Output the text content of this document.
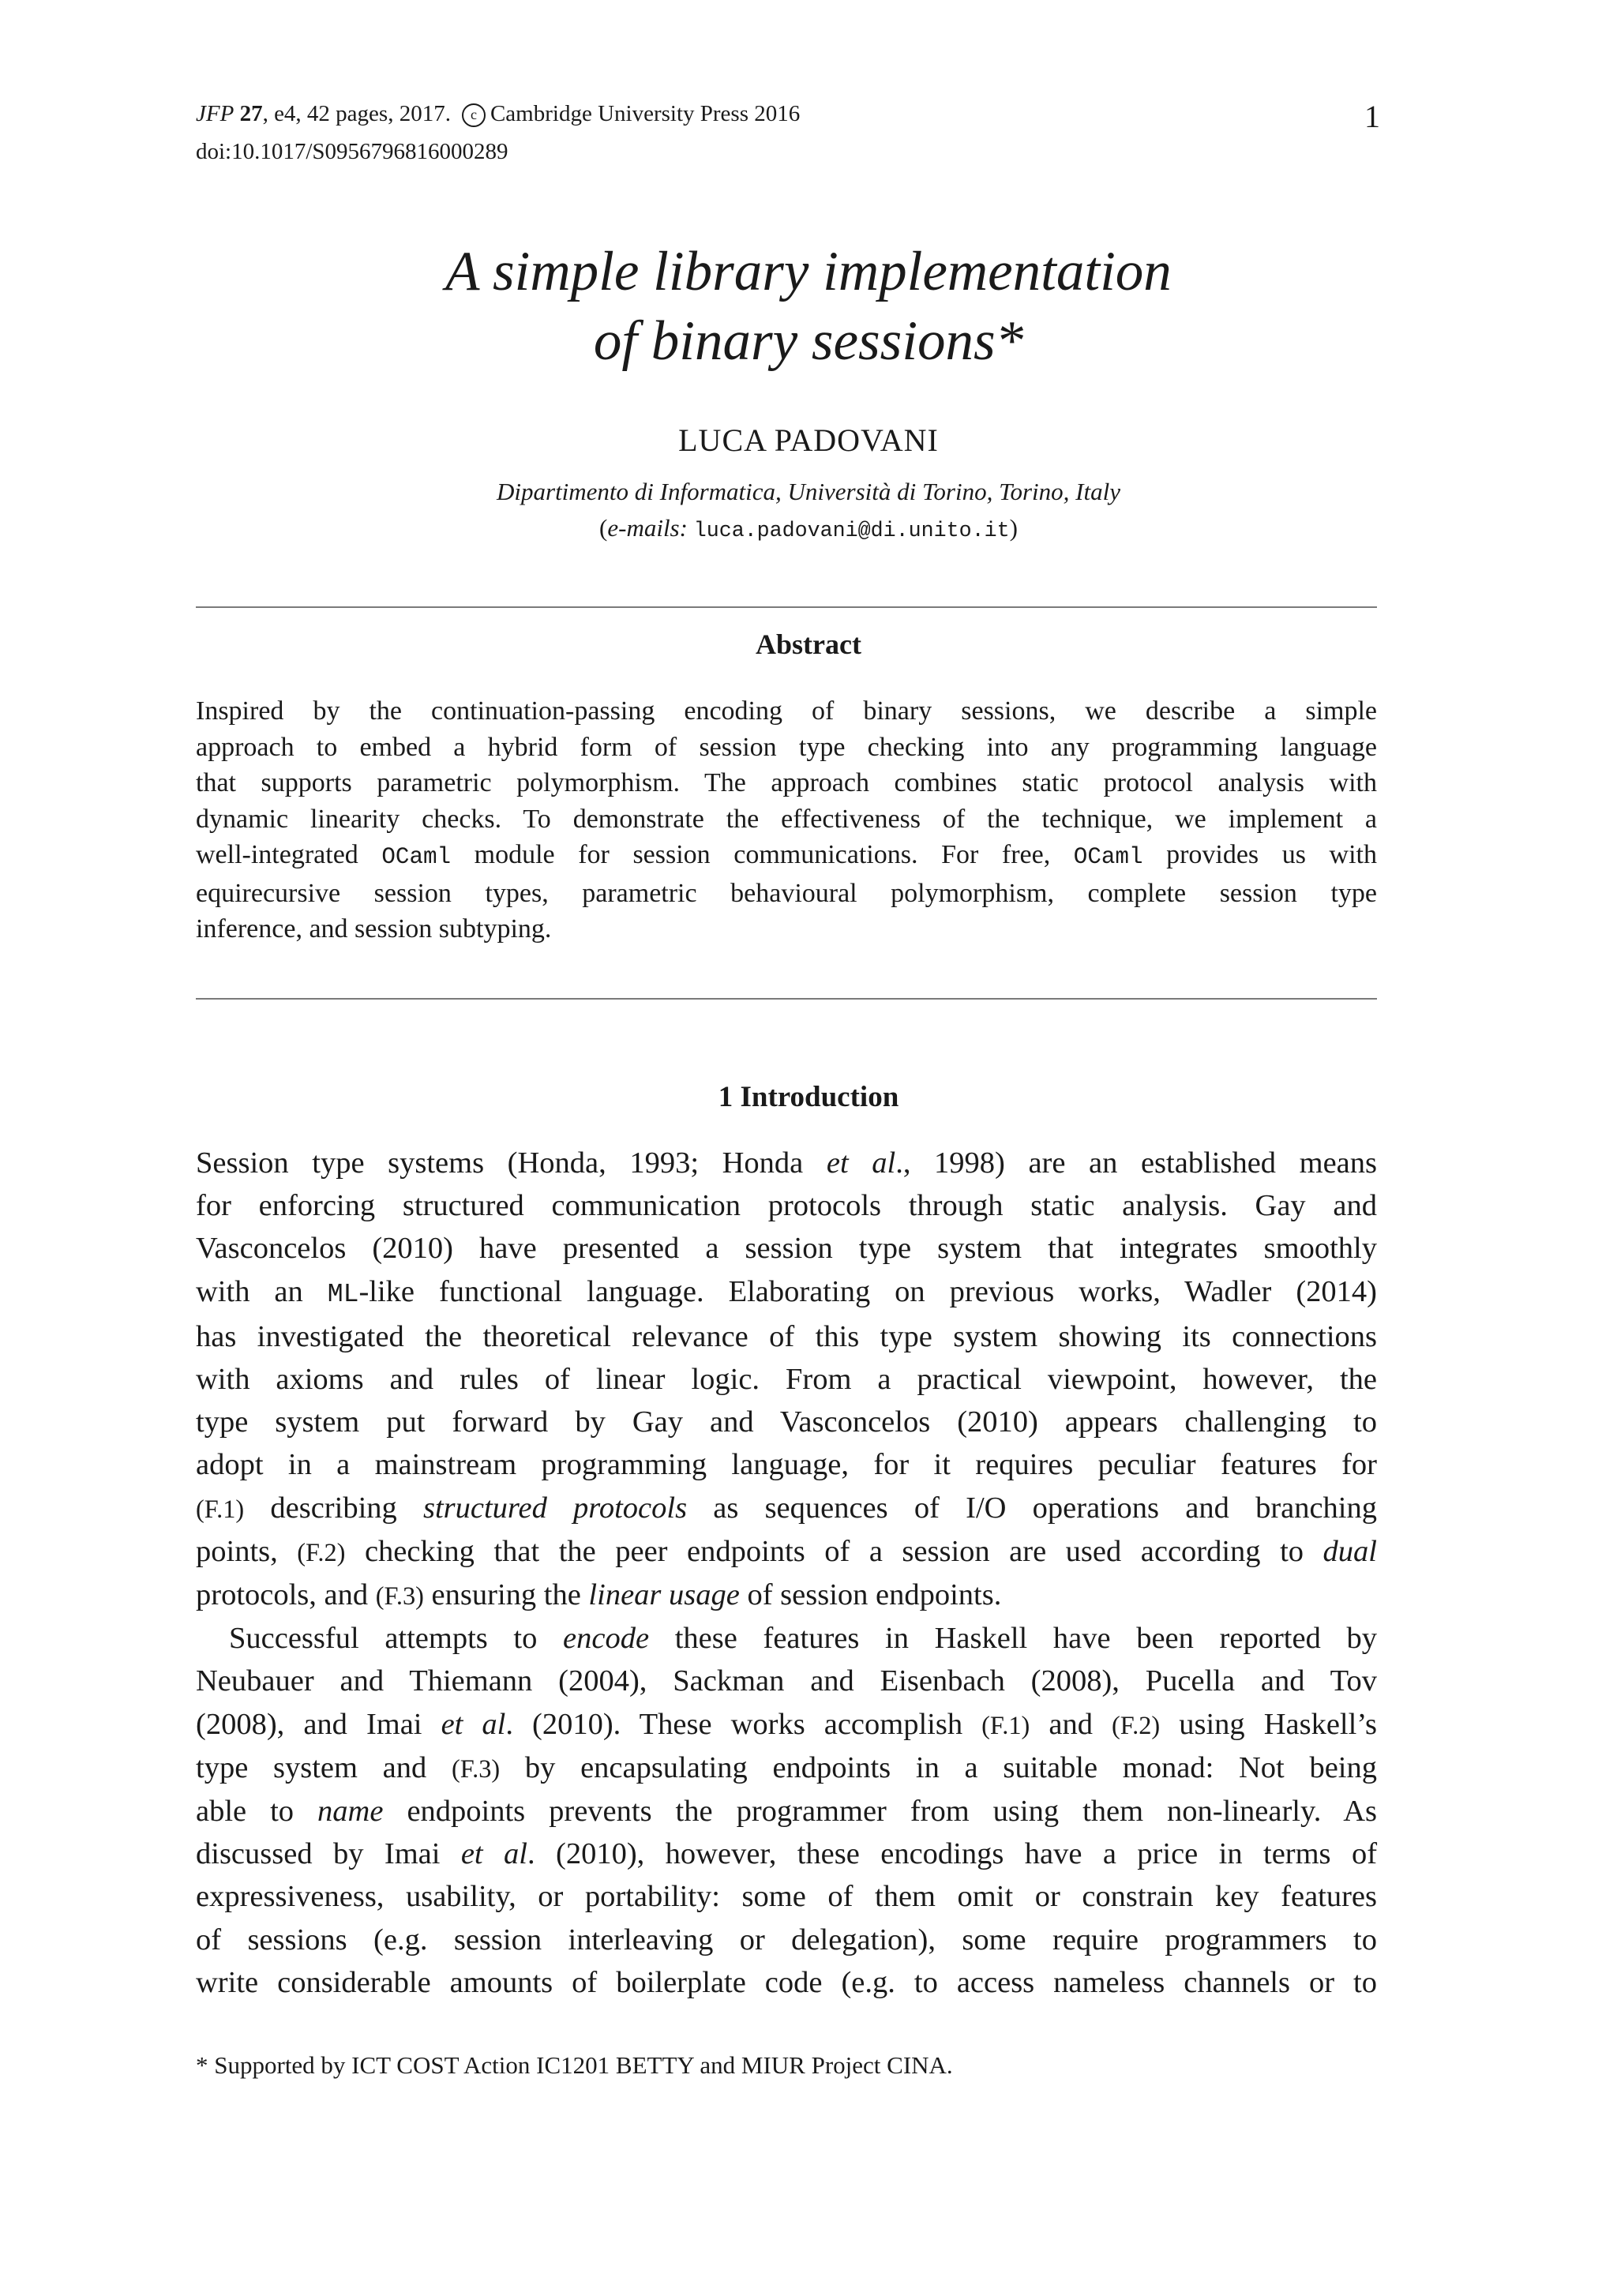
JFP 27, e4, 42 pages, 2017. c Cambridge University Press 2016
doi:10.1017/S0956796816000289
1
A simple library implementation
of binary sessions*
LUCA PADOVANI
Dipartimento di Informatica, Università di Torino, Torino, Italy
(e-mails: luca.padovani@di.unito.it)
Abstract
Inspired by the continuation-passing encoding of binary sessions, we describe a simple
approach to embed a hybrid form of session type checking into any programming language
that supports parametric polymorphism. The approach combines static protocol analysis with
dynamic linearity checks. To demonstrate the effectiveness of the technique, we implement a
well-integrated OCaml module for session communications. For free, OCaml provides us with
equirecursive session types, parametric behavioural polymorphism, complete session type
inference, and session subtyping.
1 Introduction
Session type systems (Honda, 1993; Honda et al., 1998) are an established means
for enforcing structured communication protocols through static analysis. Gay and
Vasconcelos (2010) have presented a session type system that integrates smoothly
with an ML-like functional language. Elaborating on previous works, Wadler (2014)
has investigated the theoretical relevance of this type system showing its connections
with axioms and rules of linear logic. From a practical viewpoint, however, the
type system put forward by Gay and Vasconcelos (2010) appears challenging to
adopt in a mainstream programming language, for it requires peculiar features for
(F.1) describing structured protocols as sequences of I/O operations and branching
points, (F.2) checking that the peer endpoints of a session are used according to dual
protocols, and (F.3) ensuring the linear usage of session endpoints.
Successful attempts to encode these features in Haskell have been reported by
Neubauer and Thiemann (2004), Sackman and Eisenbach (2008), Pucella and Tov
(2008), and Imai et al. (2010). These works accomplish (F.1) and (F.2) using Haskell’s
type system and (F.3) by encapsulating endpoints in a suitable monad: Not being
able to name endpoints prevents the programmer from using them non-linearly. As
discussed by Imai et al. (2010), however, these encodings have a price in terms of
expressiveness, usability, or portability: some of them omit or constrain key features
of sessions (e.g. session interleaving or delegation), some require programmers to
write considerable amounts of boilerplate code (e.g. to access nameless channels or to
* Supported by ICT COST Action IC1201 BETTY and MIUR Project CINA.
